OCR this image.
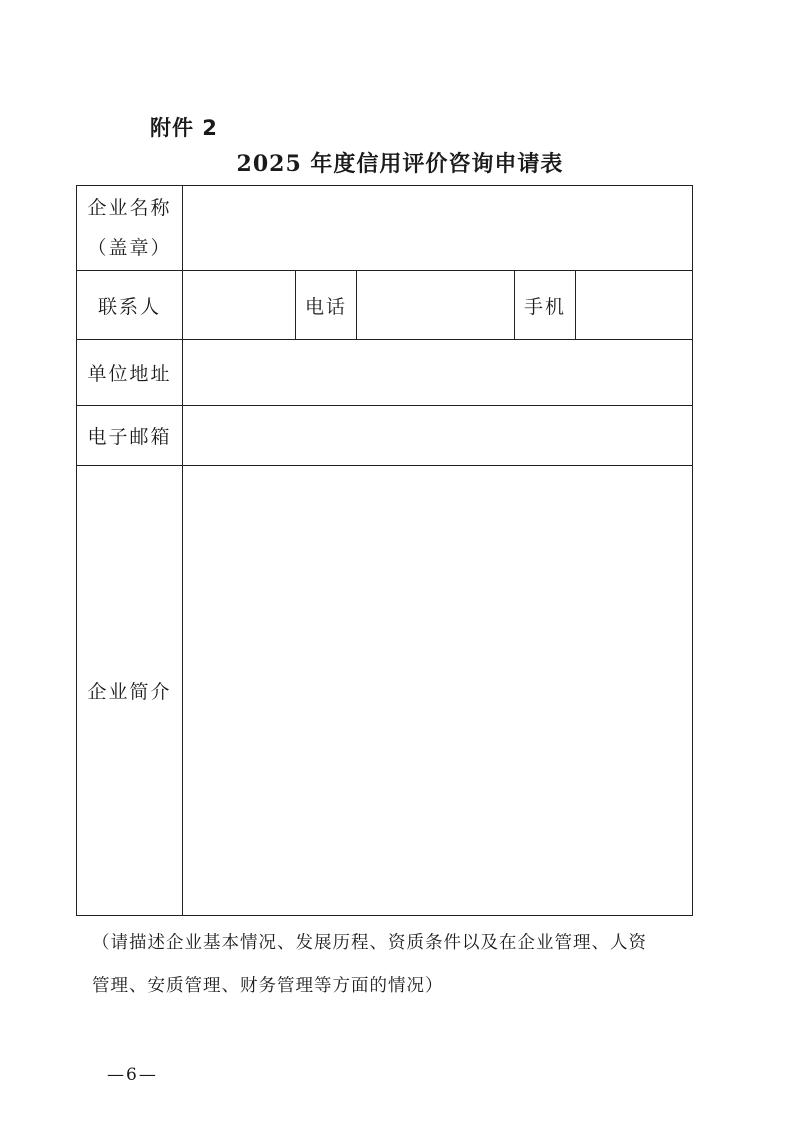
附件 2
2025 年度信用评价咨询申请表
企业名称
（盖章）					

联系人		电话		手机	
单位地址					
电子邮箱					
企业简介					
（请描述企业基本情况、发展历程、资质条件以及在企业管理、人资
管理、安质管理、财务管理等方面的情况）
—6—
